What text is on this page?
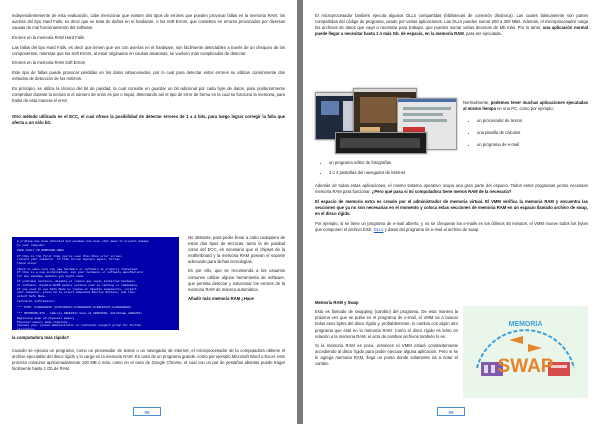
Independientemente de esta evaluación, cabe mencionar que existen dos tipos de errores que pueden provocar fallas en la memoria RAM: los averías del tipo Hard Fails, es decir que se trata de daños en el hardware, o los Soft Errors, que consisten en errores provocados por diversas causas de mal funcionamiento del software.

Errores en la memoria RAM Hard Fails

Las fallas del tipo Hard Fails, es decir que tienen que ver con averías en el hardware, son fácilmente detectables a través de un chequeo de los componentes, mientras que los Soft Errors, al estar originados en causas aleatorias, se vuelven más complicados de detectar.

Errores en la memoria RAM Soft Errors

Este tipo de fallas puede provocar pérdidas en los datos almacenados, por lo cual para detectar estos errores se utilizan comúnmente dos métodos de detección de los mismos.

En principio, se utiliza la técnica del bit de paridad, la cual consiste en guardar un bit adicional por cada byte de datos, para posteriormente comprobar durante la lectura si el número de unos es par o impar, detectando así el tipo de error de forma en la cual se funciona la memoria, para hallar de esta manera el error.

Otro método utilizado es el ECC, el cual ofrece la posibilidad de detectar errores de 1 a 4 bits, para luego lograr corregir la falla que afecta a un sólo bit.

A problem has been detected and windows has been shut down to prevent damage
to your computer.
PAGE_FAULT_IN_NONPAGED_AREA
If this is the first time you've seen this Stop error screen,
restart your computer. If this screen appears again, follow
these steps:
Check to make sure any new hardware or software is properly installed.
If this is a new installation, ask your hardware or software manufacturer
for any windows updates you might need.
If problems continue, disable or remove any newly installed hardware
or software. Disable BIOS memory options such as caching or shadowing.
If you need to use Safe Mode to remove or disable components, restart
your computer, press F8 to select Advanced Startup Options, and then
select Safe Mode.
Technical information:
*** STOP: 0x00000050 (0xFD3094C2,0x00000001,0xFBFE7617,0x00000000)
*** SPCMDCON.SYS - Address FBFE7617 base at FBFE5000, DateStamp 3d6dd67c
Beginning dump of physical memory
Physical memory dump complete.
Contact your system administrator or technical support group for further
assistance.

No obstante, para poder llevar a cabo cualquiera de estos dos tipos de técnicas, tanto la de paridad como del ECC, es necesario que el chipset de la motherboard y la memoria RAM posean el soporte adecuado para dichas tecnologías.

Es por ello, que se recomienda a los usuarios comunes utilizar alguna herramienta de software, que permita detectar y solucionar los errores de la memoria RAM de manera automática.

Añadir más memoria RAM ¿Hace

la computadora más rápida?

Cuando se ejecuta un programa, como un procesador de textos o un navegador de Internet, el microprocesador de la computadora obtiene el archivo ejecutable del disco rígido y lo carga en la memoria RAM. En caso de un programa grande, como por ejemplo Microsoft Word o Excel, este proceso consume aproximadamente 100 MB o más, como en el caso de Google Chrome, el cual con un par de pestañas abiertas puede tragar fácilmente hasta 1 Gb de RAM.

98

El microprocesador también ejecuta algunos DLLs compartidas (bibliotecas de conexión dinámica). Las cuales básicamente son partes compartidas del código de programa, usado por varias aplicaciones. Las DLLs pueden sumar 200 a 300 MBs. Además, el microprocesador carga los archivos de datos que vaya a necesitar para trabajar, que pueden sumar varias decenas de Mb más. Por lo tanto, una aplicación normal puede llegar a necesitar hasta 1 o más Gb. de espacio, en la memoria RAM, para ser ejecutada.

Normalmente, podemos tener muchas aplicaciones ejecutadas al mismo tiempo en una PC, como por ejemplo:

• un procesador de textos
• una planilla de cálculos
• un programa de e-mail
• un programa editor de fotografías
• 3 o 4 pestañas del navegador de internet

Además de todas estas aplicaciones, el mismo sistema operativo ocupa una gran parte del espacio. Todos estos programas juntos necesitan memoria RAM para funcionar. ¿Pero qué pasa si mi computadora tiene menos RAM de la necesaria?

El espacio de memoria extra es creado por el administrador de memoria virtual. El VMM verifica la memoria RAM y encuentra las secciones que ya no son necesarias en el momento y coloca estas secciones de memoria RAM en un espacio llamado archivo de swap, en el disco rígido.

Por ejemplo, si se tiene un programa de e-mail abierto, y no se chequean los e-mails en los últimos 45 minutos, el VMM mueve todos los bytes que componen el archivo EXE, DLLs y datos del programa de e-mail al archivo de swap.

Memoria RAM y Swap

Esto es llamado de swapping (cambio) del programa. De esta manera la próxima vez que se pulse en el programa de e-mail, el VMM va a buscar todos esos bytes del disco rígido y, probablemente, lo cambia con algún otro programa que esté en la memoria RAM. Como el disco rígido es lento en relación a la memoria RAM, el acto de cambiar archivos también lo es.

Si la memoria RAM es poca, entonces el VMM estará constantemente accediendo al disco rígido para poder ejecutar alguna aplicación. Pero si se le agrega memoria RAM, llega un punto donde solamente irá a notar el cambio

MEMORIA
SWAP
99
